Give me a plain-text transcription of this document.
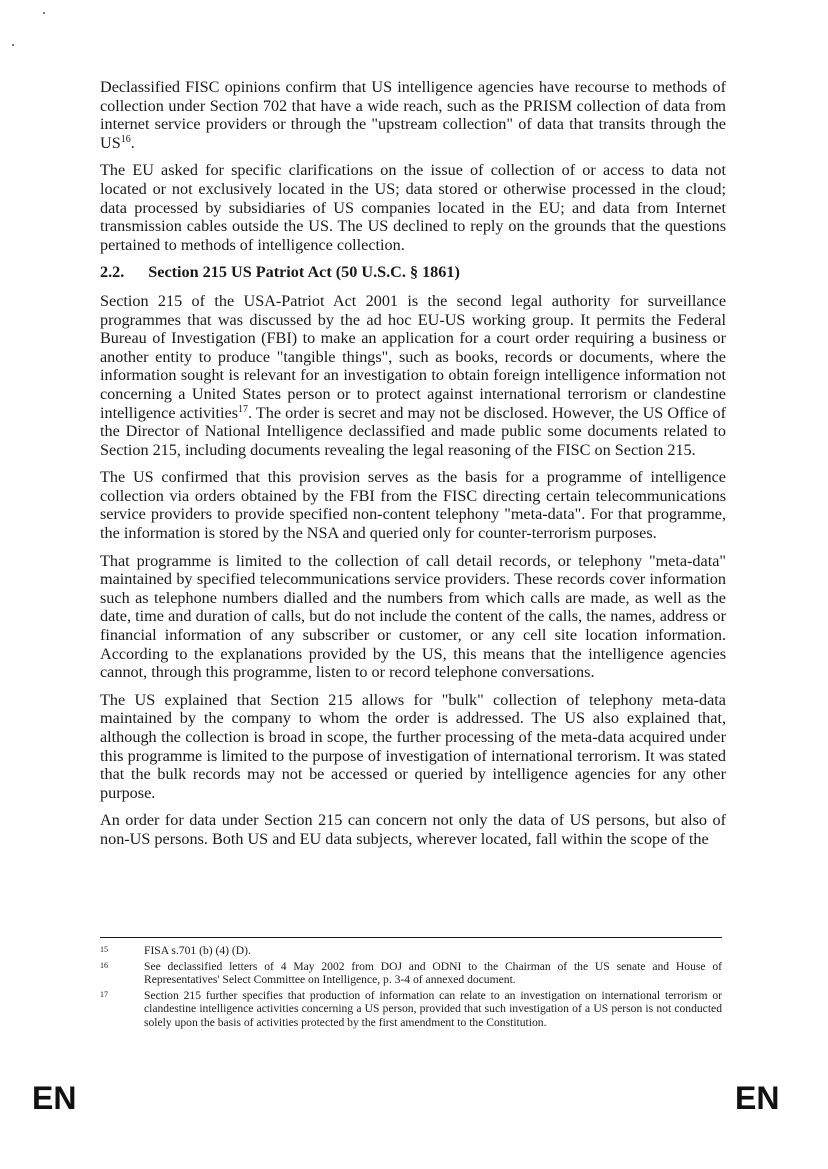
Declassified FISC opinions confirm that US intelligence agencies have recourse to methods of collection under Section 702 that have a wide reach, such as the PRISM collection of data from internet service providers or through the "upstream collection" of data that transits through the US$^{16}$.

The EU asked for specific clarifications on the issue of collection of or access to data not located or not exclusively located in the US; data stored or otherwise processed in the cloud; data processed by subsidiaries of US companies located in the EU; and data from Internet transmission cables outside the US. The US declined to reply on the grounds that the questions pertained to methods of intelligence collection.

2.2. Section 215 US Patriot Act (50 U.S.C. § 1861)

Section 215 of the USA-Patriot Act 2001 is the second legal authority for surveillance programmes that was discussed by the ad hoc EU-US working group. It permits the Federal Bureau of Investigation (FBI) to make an application for a court order requiring a business or another entity to produce "tangible things", such as books, records or documents, where the information sought is relevant for an investigation to obtain foreign intelligence information not concerning a United States person or to protect against international terrorism or clandestine intelligence activities$^{17}$. The order is secret and may not be disclosed. However, the US Office of the Director of National Intelligence declassified and made public some documents related to Section 215, including documents revealing the legal reasoning of the FISC on Section 215.

The US confirmed that this provision serves as the basis for a programme of intelligence collection via orders obtained by the FBI from the FISC directing certain telecommunications service providers to provide specified non-content telephony "meta-data". For that programme, the information is stored by the NSA and queried only for counter-terrorism purposes.

That programme is limited to the collection of call detail records, or telephony "meta-data" maintained by specified telecommunications service providers. These records cover information such as telephone numbers dialled and the numbers from which calls are made, as well as the date, time and duration of calls, but do not include the content of the calls, the names, address or financial information of any subscriber or customer, or any cell site location information. According to the explanations provided by the US, this means that the intelligence agencies cannot, through this programme, listen to or record telephone conversations.

The US explained that Section 215 allows for "bulk" collection of telephony meta-data maintained by the company to whom the order is addressed. The US also explained that, although the collection is broad in scope, the further processing of the meta-data acquired under this programme is limited to the purpose of investigation of international terrorism. It was stated that the bulk records may not be accessed or queried by intelligence agencies for any other purpose.

An order for data under Section 215 can concern not only the data of US persons, but also of non-US persons. Both US and EU data subjects, wherever located, fall within the scope of the

15	FISA s.701 (b) (4) (D).
16	See declassified letters of 4 May 2002 from DOJ and ODNI to the Chairman of the US senate and House of Representatives' Select Committee on Intelligence, p. 3-4 of annexed document.
17	Section 215 further specifies that production of information can relate to an investigation on international terrorism or clandestine intelligence activities concerning a US person, provided that such investigation of a US person is not conducted solely upon the basis of activities protected by the first amendment to the Constitution.
EN	EN
